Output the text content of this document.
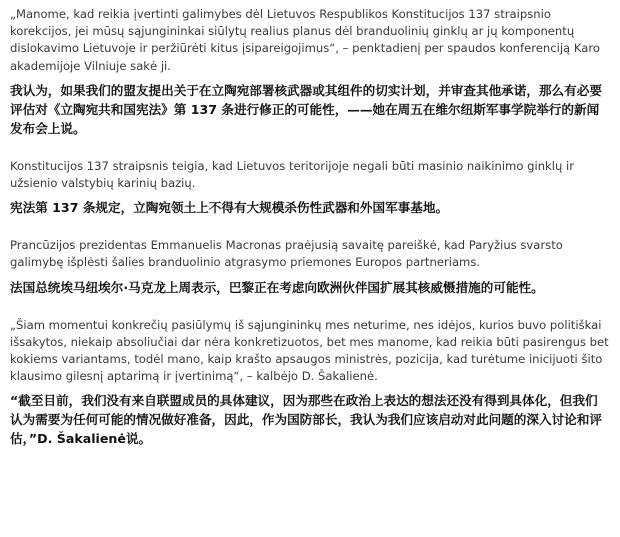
„Manome, kad reikia įvertinti galimybes dėl Lietuvos Respublikos Konstitucijos 137 straipsnio korekcijos, jei mūsų sąjungininkai siūlytų realius planus dėl branduolinių ginklų ar jų komponentų dislokavimo Lietuvoje ir peržiūrėti kitus įsipareigojimus“, – penktadienį per spaudos konferenciją Karo akademijoje Vilniuje sakė ji.

我认为，如果我们的盟友提出关于在立陶宛部署核武器或其组件的切实计划，并审查其他承诺，那么有必要评估对《立陶宛共和国宪法》第 137 条进行修正的可能性，——她在周五在维尔纽斯军事学院举行的新闻发布会上说。

Konstitucijos 137 straipsnis teigia, kad Lietuvos teritorijoje negali būti masinio naikinimo ginklų ir užsienio valstybių karinių bazių.

宪法第 137 条规定，立陶宛领土上不得有大规模杀伤性武器和外国军事基地。

Prancūzijos prezidentas Emmanuelis Macronas praėjusią savaitę pareiškė, kad Paryžius svarsto galimybę išplėsti šalies branduolinio atgrasymo priemones Europos partneriams.

法国总统埃马纽埃尔·马克龙上周表示，巴黎正在考虑向欧洲伙伴国扩展其核威慑措施的可能性。

„Šiam momentui konkrečių pasiūlymų iš sąjungininkų mes neturime, nes idėjos, kurios buvo politiškai išsakytos, niekaip absoliučiai dar nėra konkretizuotos, bet mes manome, kad reikia būti pasirengus bet kokiems variantams, todėl mano, kaip krašto apsaugos ministrės, pozicija, kad turėtume inicijuoti šito klausimo gilesnį aptarimą ir įvertinimą“, – kalbėjo D. Šakalienė.

“截至目前，我们没有来自联盟成员的具体建议，因为那些在政治上表达的想法还没有得到具体化，但我们认为需要为任何可能的情况做好准备，因此，作为国防部长，我认为我们应该启动对此问题的深入讨论和评估，”D. Šakalienė说。
